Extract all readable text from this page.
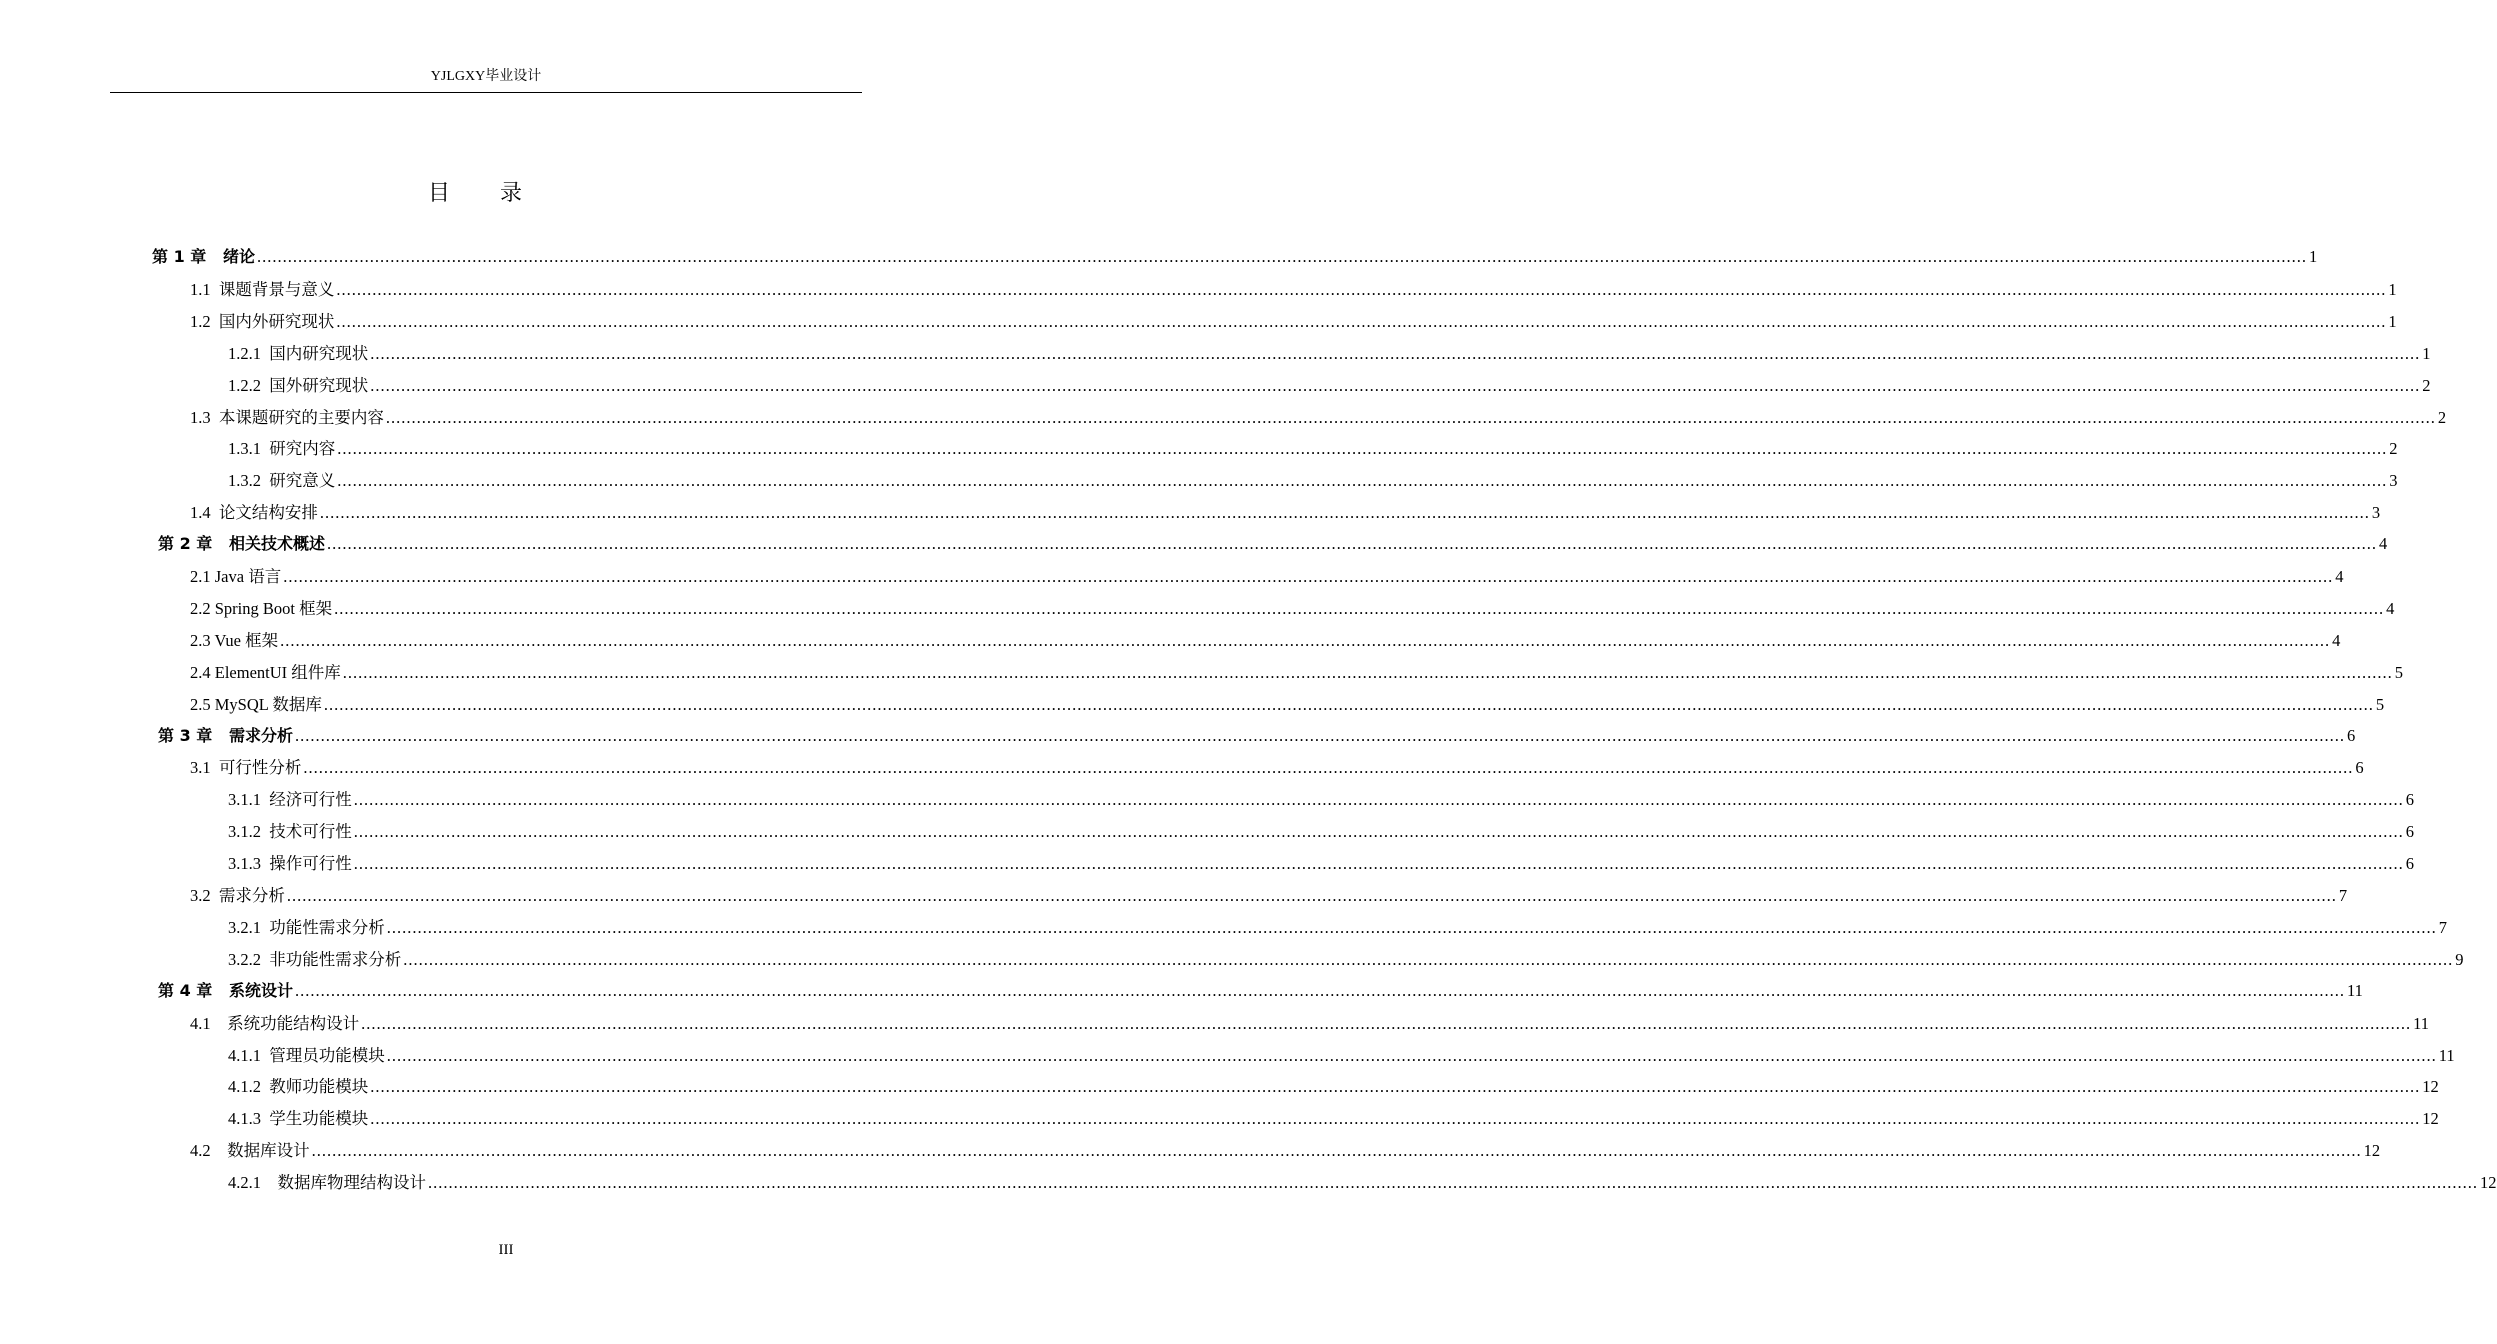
YJLGXY毕业设计
目录
第 1 章   绪论 ................................................................................................................................................................................................................................................................................................................................................................................................................ 1
1.1  课题背景与意义 ................................................................................................................................................................................................................................................................................................................................................................................................................ 1
1.2  国内外研究现状 ................................................................................................................................................................................................................................................................................................................................................................................................................ 1
1.2.1  国内研究现状 ................................................................................................................................................................................................................................................................................................................................................................................................................ 1
1.2.2  国外研究现状 ................................................................................................................................................................................................................................................................................................................................................................................................................ 2
1.3  本课题研究的主要内容 ................................................................................................................................................................................................................................................................................................................................................................................................................ 2
1.3.1  研究内容 ................................................................................................................................................................................................................................................................................................................................................................................................................ 2
1.3.2  研究意义 ................................................................................................................................................................................................................................................................................................................................................................................................................ 3
1.4  论文结构安排 ................................................................................................................................................................................................................................................................................................................................................................................................................ 3
第 2 章   相关技术概述 ................................................................................................................................................................................................................................................................................................................................................................................................................ 4
2.1 Java 语言 ................................................................................................................................................................................................................................................................................................................................................................................................................ 4
2.2 Spring Boot 框架 ................................................................................................................................................................................................................................................................................................................................................................................................................ 4
2.3 Vue 框架 ................................................................................................................................................................................................................................................................................................................................................................................................................ 4
2.4 ElementUI 组件库 ................................................................................................................................................................................................................................................................................................................................................................................................................ 5
2.5 MySQL 数据库 ................................................................................................................................................................................................................................................................................................................................................................................................................ 5
第 3 章   需求分析 ................................................................................................................................................................................................................................................................................................................................................................................................................ 6
3.1  可行性分析 ................................................................................................................................................................................................................................................................................................................................................................................................................ 6
3.1.1  经济可行性 ................................................................................................................................................................................................................................................................................................................................................................................................................ 6
3.1.2  技术可行性 ................................................................................................................................................................................................................................................................................................................................................................................................................ 6
3.1.3  操作可行性 ................................................................................................................................................................................................................................................................................................................................................................................................................ 6
3.2  需求分析 ................................................................................................................................................................................................................................................................................................................................................................................................................ 7
3.2.1  功能性需求分析 ................................................................................................................................................................................................................................................................................................................................................................................................................ 7
3.2.2  非功能性需求分析 ................................................................................................................................................................................................................................................................................................................................................................................................................ 9
第 4 章   系统设计 ................................................................................................................................................................................................................................................................................................................................................................................................................ 11
4.1    系统功能结构设计 ................................................................................................................................................................................................................................................................................................................................................................................................................ 11
4.1.1  管理员功能模块 ................................................................................................................................................................................................................................................................................................................................................................................................................ 11
4.1.2  教师功能模块 ................................................................................................................................................................................................................................................................................................................................................................................................................ 12
4.1.3  学生功能模块 ................................................................................................................................................................................................................................................................................................................................................................................................................ 12
4.2    数据库设计 ................................................................................................................................................................................................................................................................................................................................................................................................................ 12
4.2.1    数据库物理结构设计 ................................................................................................................................................................................................................................................................................................................................................................................................................ 12
III
